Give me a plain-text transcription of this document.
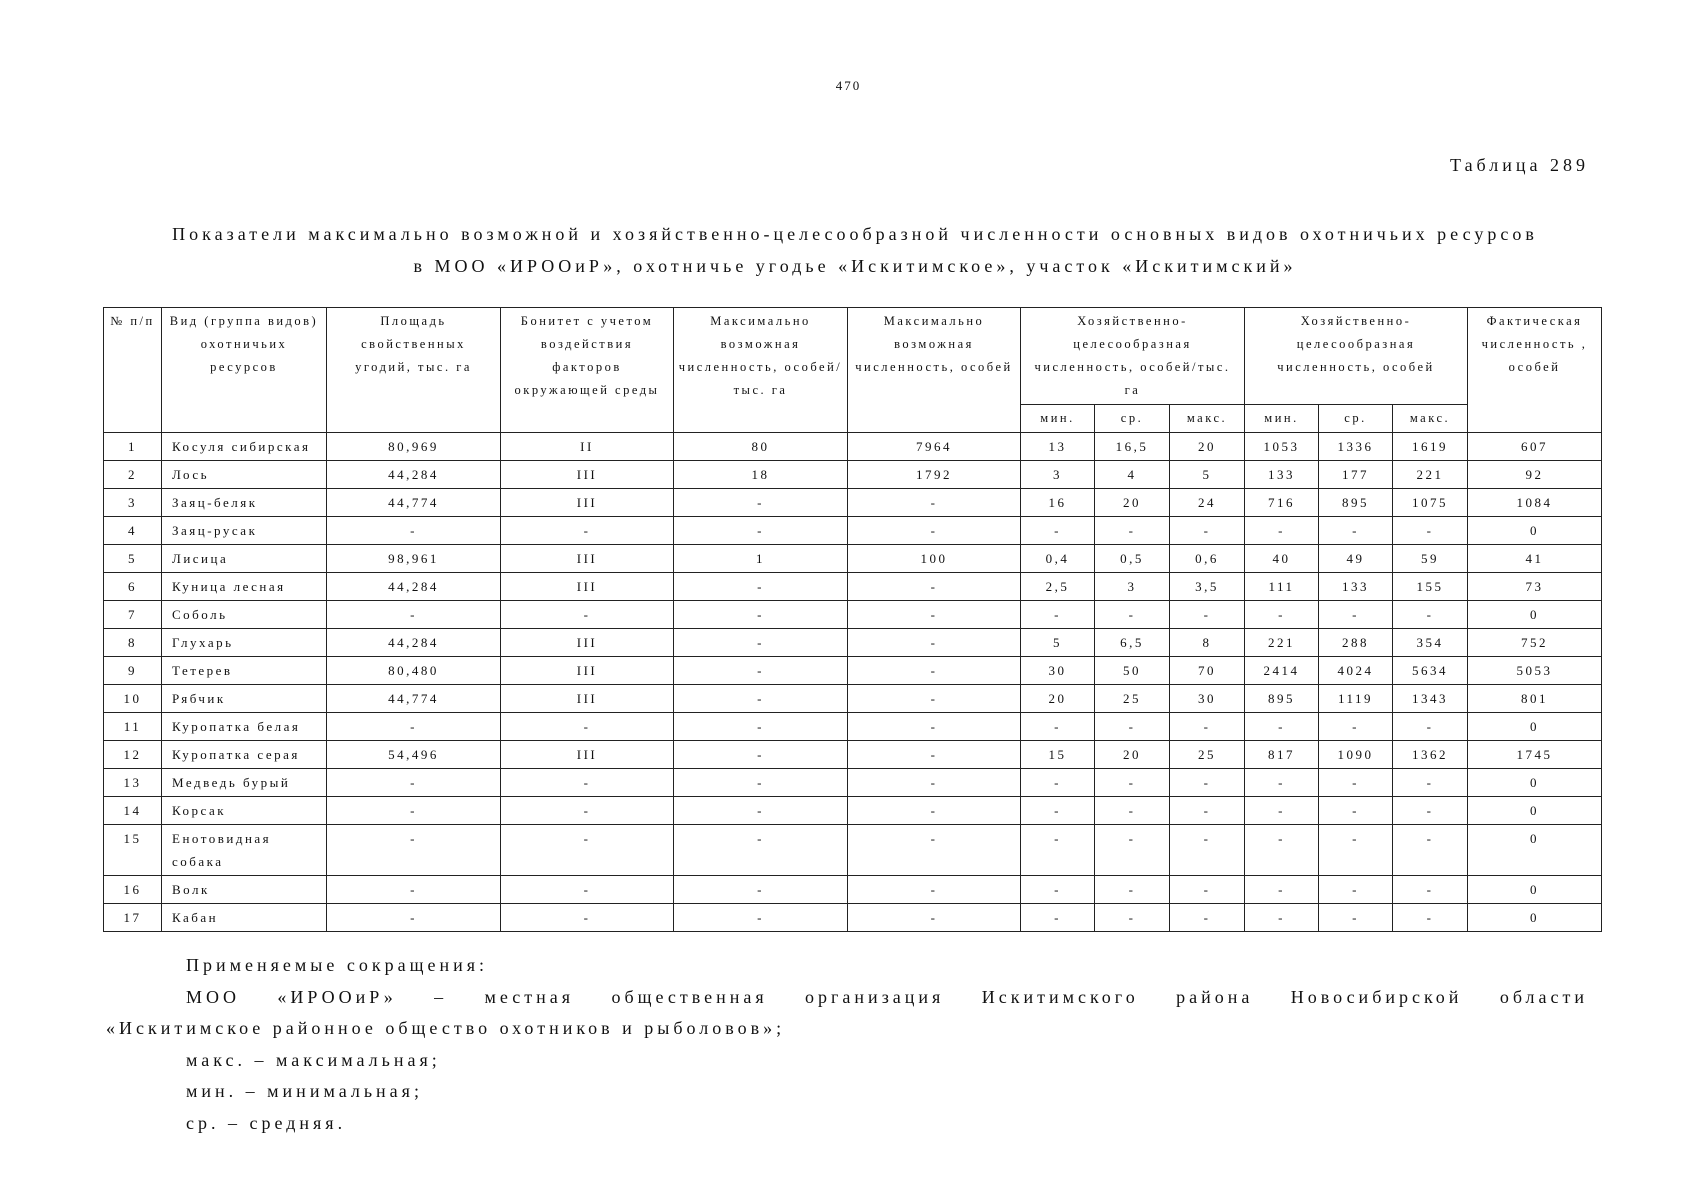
470
Таблица 289
Показатели максимально возможной и хозяйственно-целесообразной численности основных видов охотничьих ресурсов
в МОО «ИРООиР», охотничье угодье «Искитимское», участок «Искитимский»
№ п/п	Вид (группа видов) охотничьих ресурсов	Площадь свойственных угодий, тыс. га	Бонитет с учетом воздействия факторов окружающей среды	Максимально возможная численность, особей/тыс. га	Максимально возможная численность, особей	Хозяйственно-целесообразная численность, особей/тыс. га			Хозяйственно-целесообразная численность, особей			Фактическая численность , особей
						мин.	ср.	макс.	мин.	ср.	макс.	
1	Косуля сибирская	80,969	II	80	7964	13	16,5	20	1053	1336	1619	607
2	Лось	44,284	III	18	1792	3	4	5	133	177	221	92
3	Заяц-беляк	44,774	III	-	-	16	20	24	716	895	1075	1084
4	Заяц-русак	-	-	-	-	-	-	-	-	-	-	0
5	Лисица	98,961	III	1	100	0,4	0,5	0,6	40	49	59	41
6	Куница лесная	44,284	III	-	-	2,5	3	3,5	111	133	155	73
7	Соболь	-	-	-	-	-	-	-	-	-	-	0
8	Глухарь	44,284	III	-	-	5	6,5	8	221	288	354	752
9	Тетерев	80,480	III	-	-	30	50	70	2414	4024	5634	5053
10	Рябчик	44,774	III	-	-	20	25	30	895	1119	1343	801
11	Куропатка белая	-	-	-	-	-	-	-	-	-	-	0
12	Куропатка серая	54,496	III	-	-	15	20	25	817	1090	1362	1745
13	Медведь бурый	-	-	-	-	-	-	-	-	-	-	0
14	Корсак	-	-	-	-	-	-	-	-	-	-	0
15	Енотовидная собака	-	-	-	-	-	-	-	-	-	-	0
16	Волк	-	-	-	-	-	-	-	-	-	-	0
17	Кабан	-	-	-	-	-	-	-	-	-	-	0
Применяемые сокращения:
МОО «ИРООиР» – местная общественная организация Искитимского района Новосибирской области
«Искитимское районное общество охотников и рыболовов»;
макс. – максимальная;
мин. – минимальная;
ср. – средняя.
